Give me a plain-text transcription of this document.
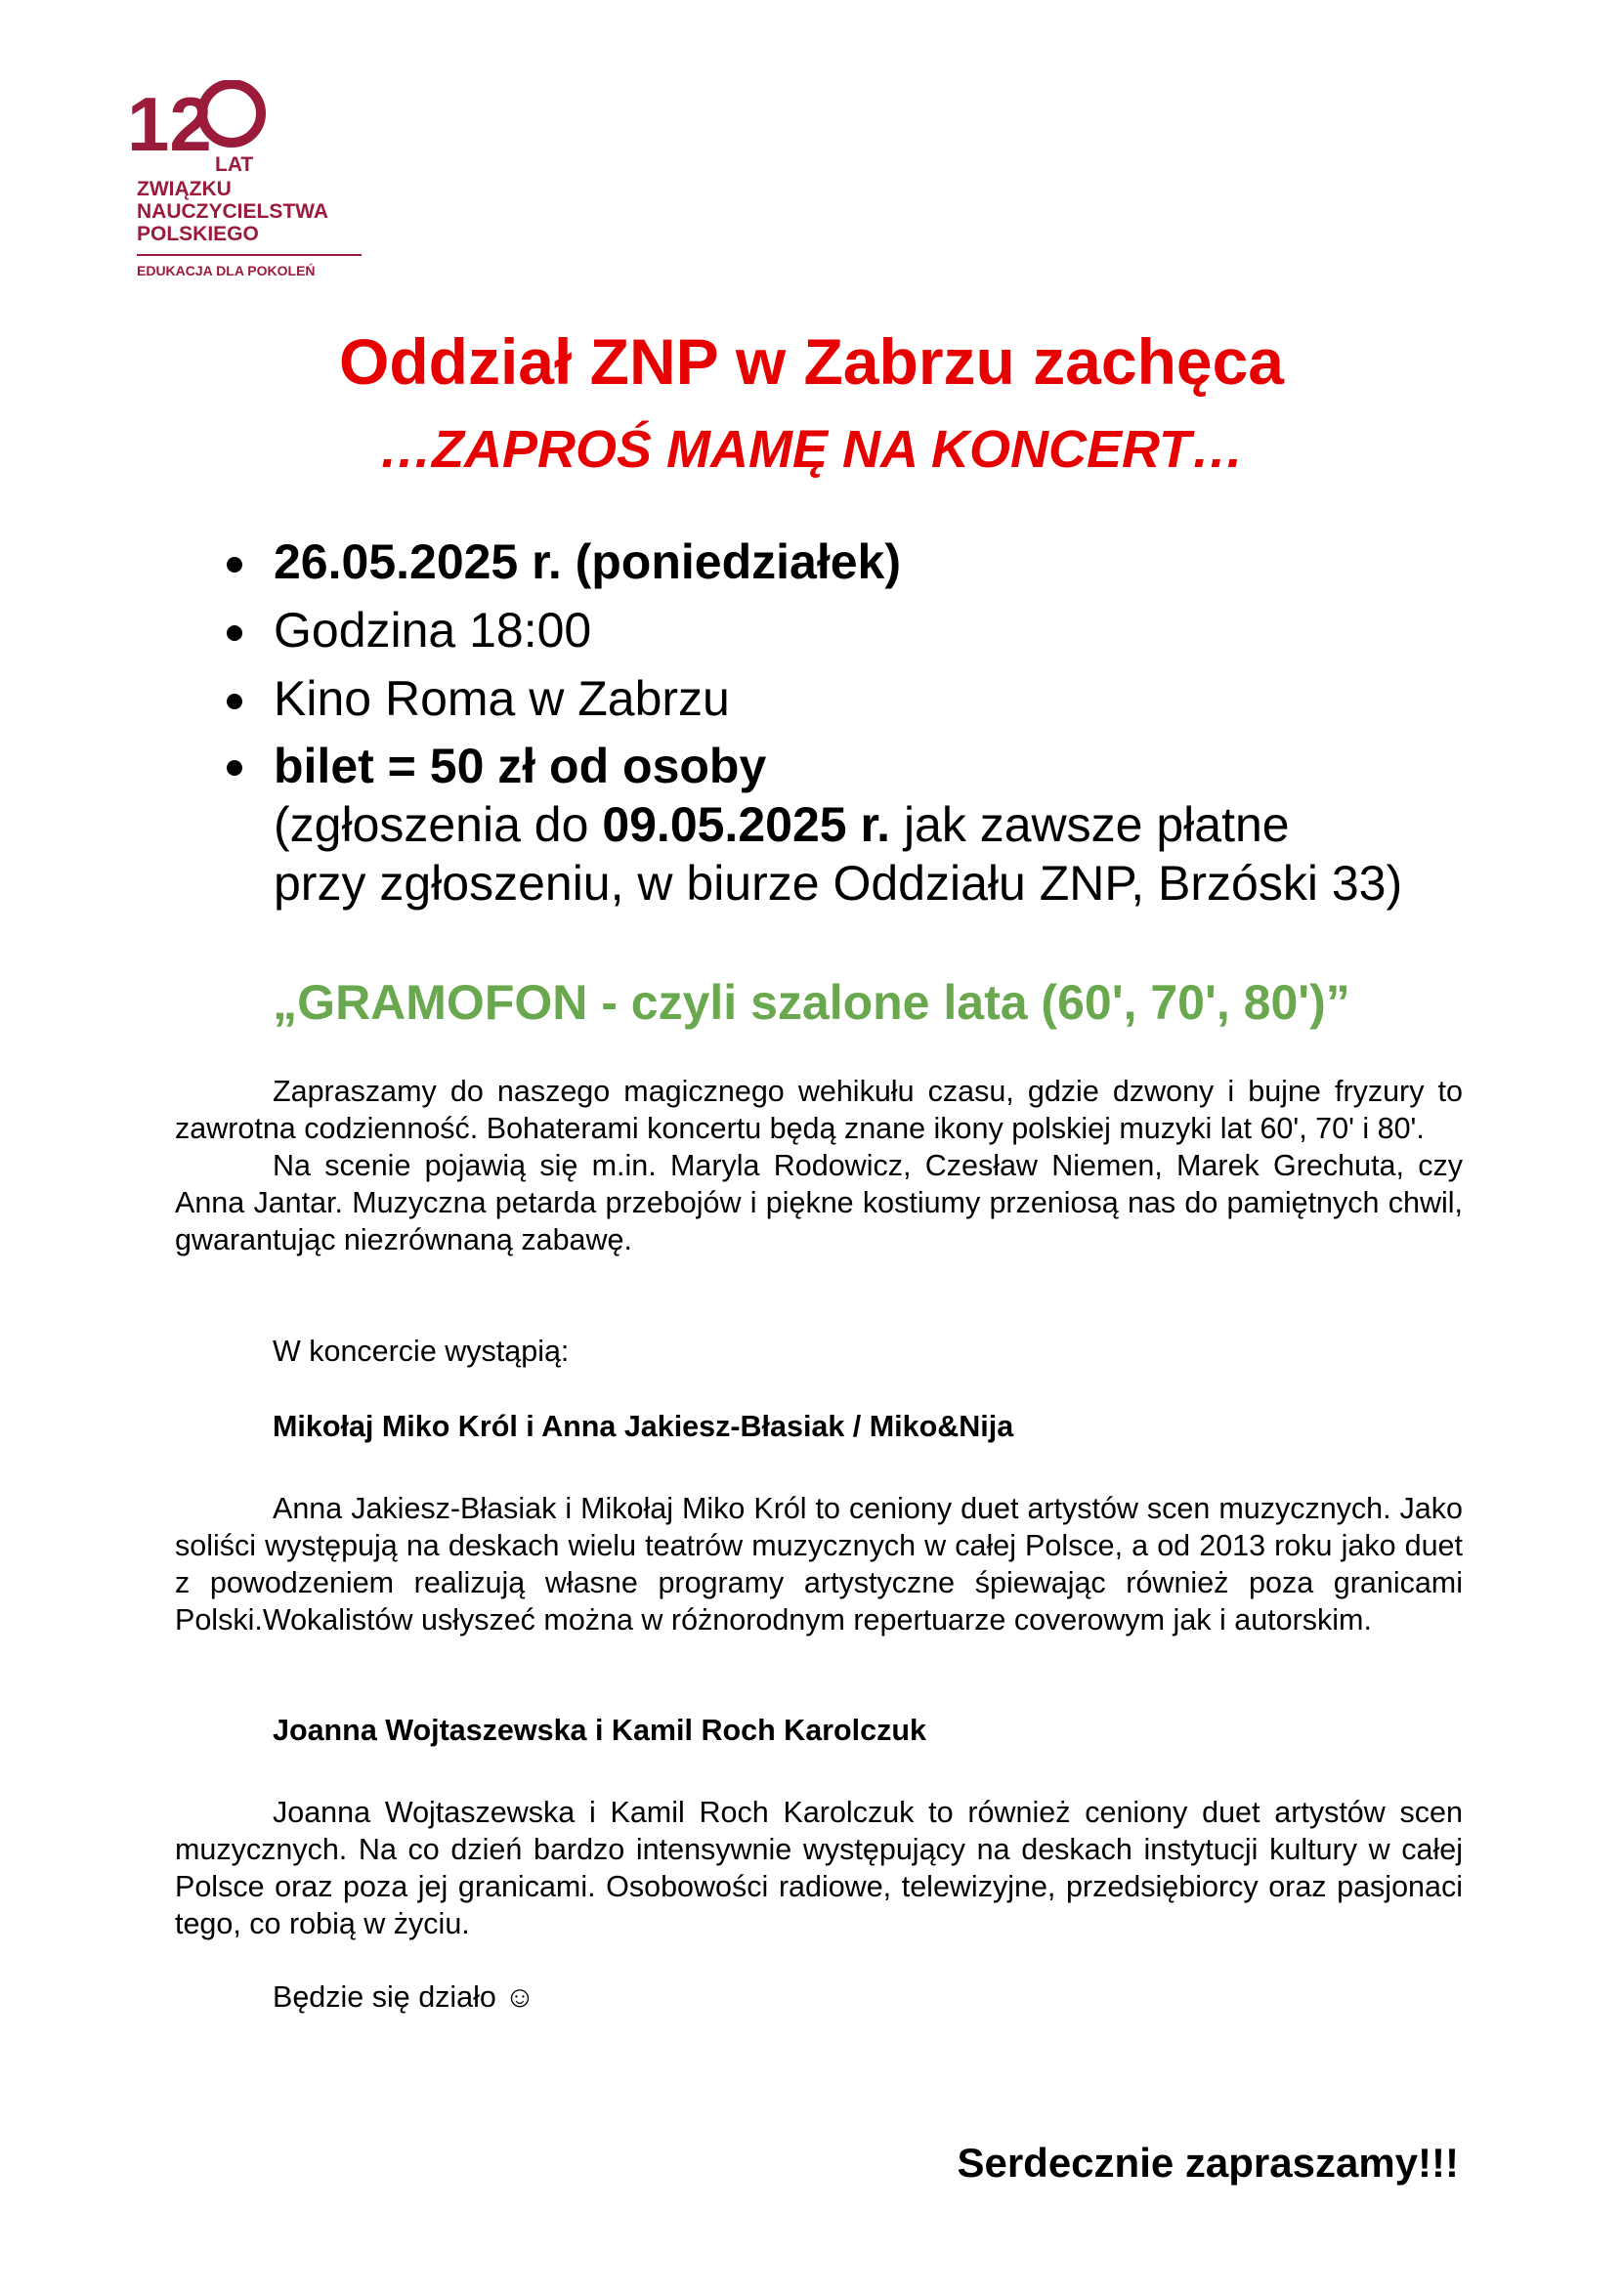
12 LAT
ZWIĄZKU
NAUCZYCIELSTWA
POLSKIEGO
EDUKACJA DLA POKOLEŃ
Oddział ZNP w Zabrzu zachęca
…ZAPROŚ MAMĘ NA KONCERT…
26.05.2025 r. (poniedziałek)
Godzina 18:00
Kino Roma w Zabrzu
bilet = 50 zł od osoby
(zgłoszenia do 09.05.2025 r. jak zawsze płatne
przy zgłoszeniu, w biurze Oddziału ZNP, Brzóski 33)
„GRAMOFON - czyli szalone lata (60', 70', 80')”

Zapraszamy do naszego magicznego wehikułu czasu, gdzie dzwony i bujne fryzury to zawrotna codzienność. Bohaterami koncertu będą znane ikony polskiej muzyki lat 60', 70' i 80'.

Na scenie pojawią się m.in. Maryla Rodowicz, Czesław Niemen, Marek Grechuta, czy Anna Jantar. Muzyczna petarda przebojów i piękne kostiumy przeniosą nas do pamiętnych chwil, gwarantując niezrównaną zabawę.

W koncercie wystąpią:

Mikołaj Miko Król i Anna Jakiesz-Błasiak / Miko&Nija

Anna Jakiesz-Błasiak i Mikołaj Miko Król to ceniony duet artystów scen muzycznych. Jako soliści występują na deskach wielu teatrów muzycznych w całej Polsce, a od 2013 roku jako duet z powodzeniem realizują własne programy artystyczne śpiewając również poza granicami Polski.Wokalistów usłyszeć można w różnorodnym repertuarze coverowym jak i autorskim.

Joanna Wojtaszewska i Kamil Roch Karolczuk

Joanna Wojtaszewska i Kamil Roch Karolczuk to również ceniony duet artystów scen muzycznych. Na co dzień bardzo intensywnie występujący na deskach instytucji kultury w całej Polsce oraz poza jej granicami. Osobowości radiowe, telewizyjne, przedsiębiorcy oraz pasjonaci tego, co robią w życiu.

Będzie się działo ☺

Serdecznie zapraszamy!!!
